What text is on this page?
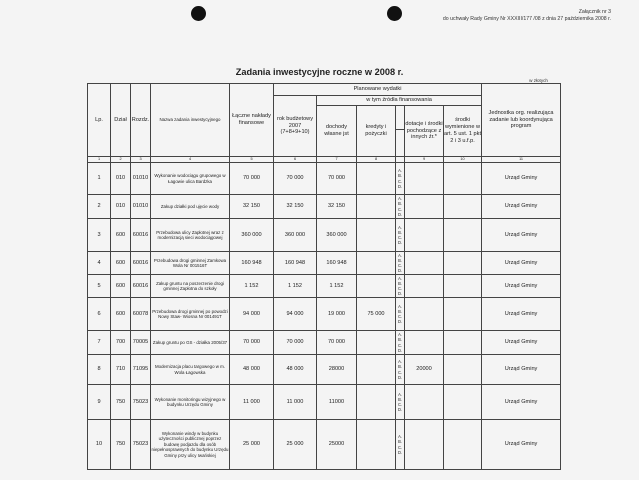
Załącznik nr 3
do uchwały Rady Gminy Nr XXXIII/177 /08 z dnia 27 października 2008 r.
Zadania inwestycyjne roczne w 2008 r.
w złotych
Lp.	Dział	Rozdz.	Nazwa zadania inwestycyjnego	Łączne nakłady finansowe	Planowane wydatki						Jednostka org. realizująca zadanie lub koordynująca program
					rok budżetowy 2007 (7+8+9+10)	w tym źródła finansowania					
						dochody własne jst	kredyty i pożyczki		dotacje i środki pochodzące z innych źr.*	środki wymienione w art. 5 ust. 1 pkt 2 i 3 u.f.p.	

1	2	3	4	5	6	7	8		9	10	11
1	010	01010	Wykonanie wodociągu grupowego w Łagowie ulica Bardzka	70 000	70 000	70 000		A.
B.
C.
D.			Urząd Gminy
2	010	01010	Zakup działki pod ujęcie wody	32 150	32 150	32 150		A.
B.
C.
D.			Urząd Gminy
3	600	60016	Przebudowa ulicy Zapłotnej wraz z modernizacją sieci wodociągowej	360 000	360 000	360 000		A.
B.
C.
D.			Urząd Gminy
4	600	60016	Przebudowa drogi gminnej Zamkowa Wola Nr 001516T	160 948	160 948	160 948		A.
B.
C.
D.			Urząd Gminy
5	600	60016	Zakup gruntu na poszerzenie drogi gminnej Zapłotna do szkoły	1 152	1 152	1 152		A.
B.
C.
D.			Urząd Gminy
6	600	60078	Przebudowa drogi gminnej po powodzi Nowy Staw- Wiosna Nr 001491T	94 000	94 000	19 000	75 000	A.
B.
C.
D.			Urząd Gminy
7	700	70005	Zakup gruntu po GS - działka 2005/37	70 000	70 000	70 000		A.
B.
C.
D.			Urząd Gminy
8	710	71095	Modernizacja placu targowego w m. Wola Łagowska	48 000	48 000	28000		A.
B.
C.
D.	20000		Urząd Gminy
9	750	75023	Wykonanie monitoringu wizyjnego w budynku Urzędu Gminy	11 000	11 000	11000		A.
B.
C.
D.			Urząd Gminy
10	750	75023	Wykonanie windy w budynku użyteczności publicznej poprzez budowę podjazdu dla osób niepełnosprawnych do budynku Urzędu Gminy przy ulicy Iwańskiej	25 000	25 000	25000		A.
B.
C.
D.			Urząd Gminy
